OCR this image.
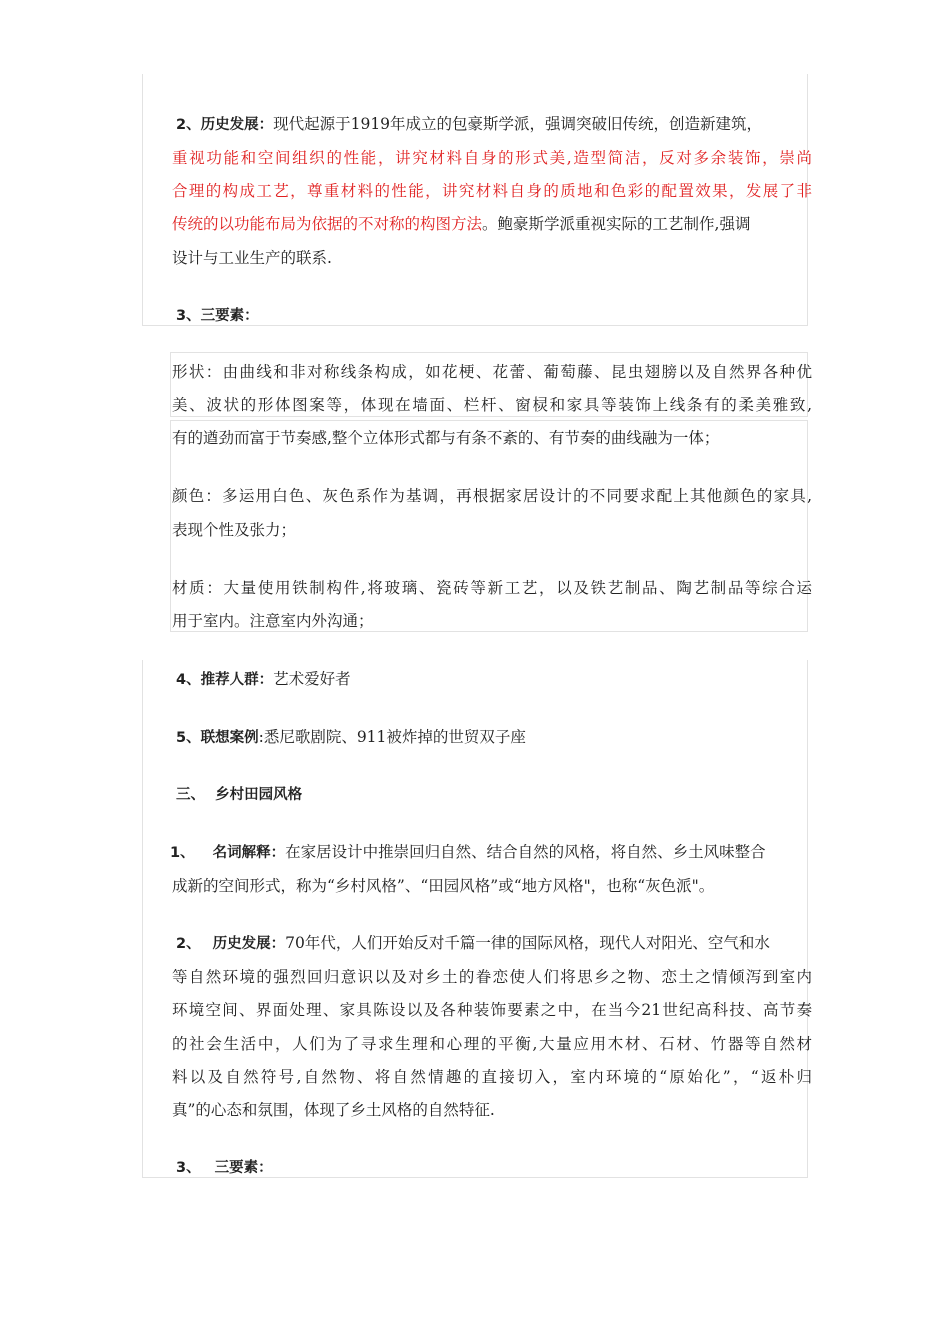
2、历史发展：现代起源于1919年成立的包豪斯学派，强调突破旧传统，创造新建筑，
重视功能和空间组织的性能，讲究材料自身的形式美,造型简洁，反对多余装饰，崇尚
合理的构成工艺，尊重材料的性能，讲究材料自身的质地和色彩的配置效果，发展了非
传统的以功能布局为依据的不对称的构图方法。鲍豪斯学派重视实际的工艺制作,强调
设计与工业生产的联系.
3、三要素：
形状：由曲线和非对称线条构成，如花梗、花蕾、葡萄藤、昆虫翅膀以及自然界各种优
美、波状的形体图案等，体现在墙面、栏杆、窗棂和家具等装饰上线条有的柔美雅致,
有的遒劲而富于节奏感,整个立体形式都与有条不紊的、有节奏的曲线融为一体；
颜色：多运用白色、灰色系作为基调，再根据家居设计的不同要求配上其他颜色的家具,
表现个性及张力；
材质：大量使用铁制构件,将玻璃、瓷砖等新工艺，以及铁艺制品、陶艺制品等综合运
用于室内。注意室内外沟通；
4、推荐人群：艺术爱好者
5、联想案例:悉尼歌剧院、911被炸掉的世贸双子座
三、  乡村田园风格
1、 名词解释：在家居设计中推崇回归自然、结合自然的风格，将自然、乡土风味整合
成新的空间形式，称为“乡村风格”、“田园风格”或“地方风格"，也称“灰色派"。
2、 历史发展：70年代，人们开始反对千篇一律的国际风格，现代人对阳光、空气和水
等自然环境的强烈回归意识以及对乡土的眷恋使人们将思乡之物、恋土之情倾泻到室内
环境空间、界面处理、家具陈设以及各种装饰要素之中，在当今21世纪高科技、高节奏
的社会生活中，人们为了寻求生理和心理的平衡,大量应用木材、石材、竹器等自然材
料以及自然符号,自然物、将自然情趣的直接切入，室内环境的“原始化”，“返朴归
真”的心态和氛围，体现了乡土风格的自然特征.
3、 三要素：
